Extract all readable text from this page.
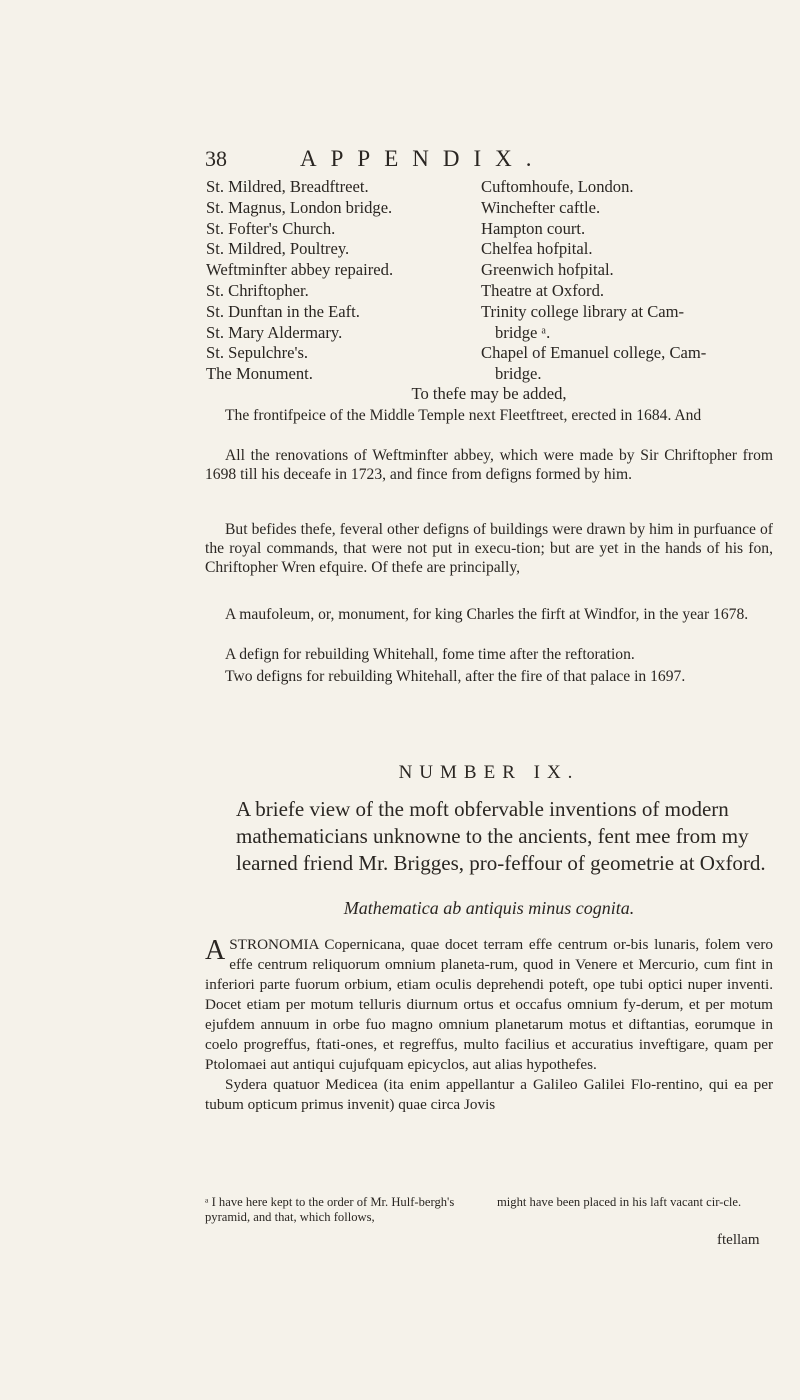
38	APPENDIX.
St. Mildred, Breadftreet.
St. Magnus, London bridge.
St. Fofter's Church.
St. Mildred, Poultrey.
Weftminfter abbey repaired.
St. Chriftopher.
St. Dunftan in the Eaft.
St. Mary Aldermary.
St. Sepulchre's.
The Monument.
Cuftomhoufe, London.
Winchefter caftle.
Hampton court.
Chelfea hofpital.
Greenwich hofpital.
Theatre at Oxford.
Trinity college library at Cam-
bridge ᵃ.
Chapel of Emanuel college, Cam-
bridge.
To thefe may be added,
The frontifpeice of the Middle Temple next Fleetftreet, erected in 1684. And
All the renovations of Weftminfter abbey, which were made by Sir Chriftopher from 1698 till his deceafe in 1723, and fince from defigns formed by him.
But befides thefe, feveral other defigns of buildings were drawn by him in purfuance of the royal commands, that were not put in execu-tion; but are yet in the hands of his fon, Chriftopher Wren efquire. Of thefe are principally,
A maufoleum, or, monument, for king Charles the firft at Windfor, in the year 1678.
A defign for rebuilding Whitehall, fome time after the reftoration.
Two defigns for rebuilding Whitehall, after the fire of that palace in 1697.
NUMBER IX.
A briefe view of the moft obfervable inventions of modern mathematicians unknowne to the ancients, fent mee from my learned friend Mr. Brigges, pro-feffour of geometrie at Oxford.
Mathematica ab antiquis minus cognita.
ASTRONOMIA Copernicana, quae docet terram effe centrum or-bis lunaris, folem vero effe centrum reliquorum omnium planeta-rum, quod in Venere et Mercurio, cum fint in inferiori parte fuorum orbium, etiam oculis deprehendi poteft, ope tubi optici nuper inventi. Docet etiam per motum telluris diurnum ortus et occafus omnium fy-derum, et per motum ejufdem annuum in orbe fuo magno omnium planetarum motus et diftantias, eorumque in coelo progreffus, ftati-ones, et regreffus, multo facilius et accuratius inveftigare, quam per Ptolomaei aut antiqui cujufquam epicyclos, aut alias hypothefes.
Sydera quatuor Medicea (ita enim appellantur a Galileo Galilei Flo-rentino, qui ea per tubum opticum primus invenit) quae circa Jovis
ᵃ I have here kept to the order of Mr. Hulf-bergh's pyramid, and that, which follows,
might have been placed in his laft vacant cir-cle.
ftellam
